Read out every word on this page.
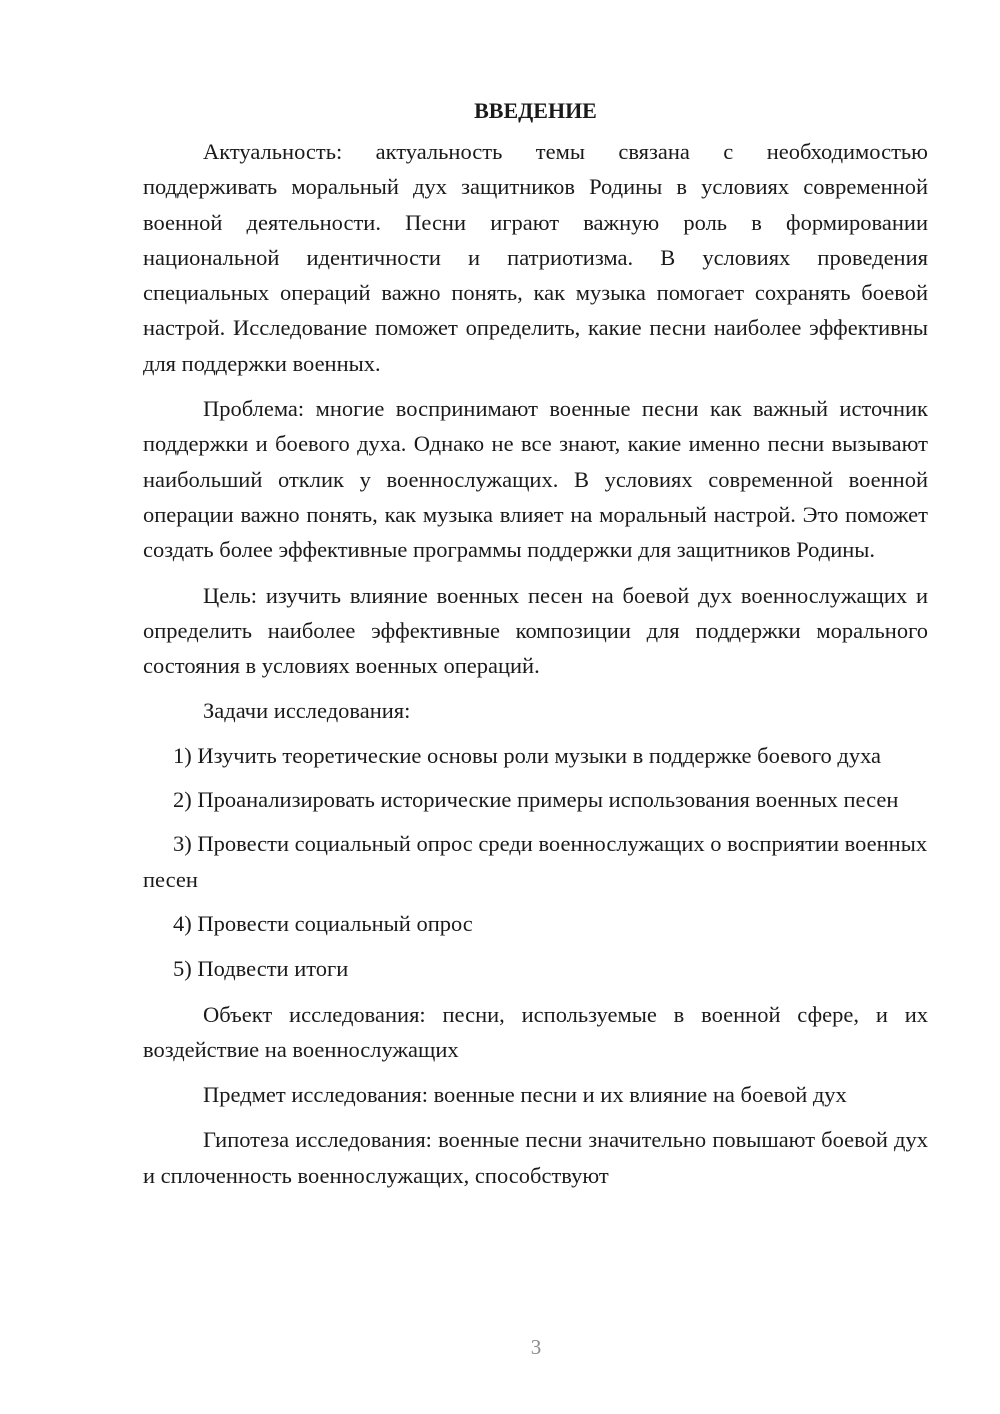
ВВЕДЕНИЕ

Актуальность: актуальность темы связана с необходимостью поддерживать моральный дух защитников Родины в условиях современной военной деятельности. Песни играют важную роль в формировании национальной идентичности и патриотизма. В условиях проведения специальных операций важно понять, как музыка помогает сохранять боевой настрой. Исследование поможет определить, какие песни наиболее эффективны для поддержки военных.

Проблема: многие воспринимают военные песни как важный источник поддержки и боевого духа. Однако не все знают, какие именно песни вызывают наибольший отклик у военнослужащих. В условиях современной военной операции важно понять, как музыка влияет на моральный настрой. Это поможет создать более эффективные программы поддержки для защитников Родины.

Цель: изучить влияние военных песен на боевой дух военнослужащих и определить наиболее эффективные композиции для поддержки морального состояния в условиях военных операций.

Задачи исследования:

1) Изучить теоретические основы роли музыки в поддержке боевого духа

2) Проанализировать исторические примеры использования военных песен

3) Провести социальный опрос среди военнослужащих о восприятии военных песен

4) Провести социальный опрос

5) Подвести итоги

Объект исследования: песни, используемые в военной сфере, и их воздействие на военнослужащих

Предмет исследования: военные песни и их влияние на боевой дух

Гипотеза исследования: военные песни значительно повышают боевой дух и сплоченность военнослужащих, способствуют

3
